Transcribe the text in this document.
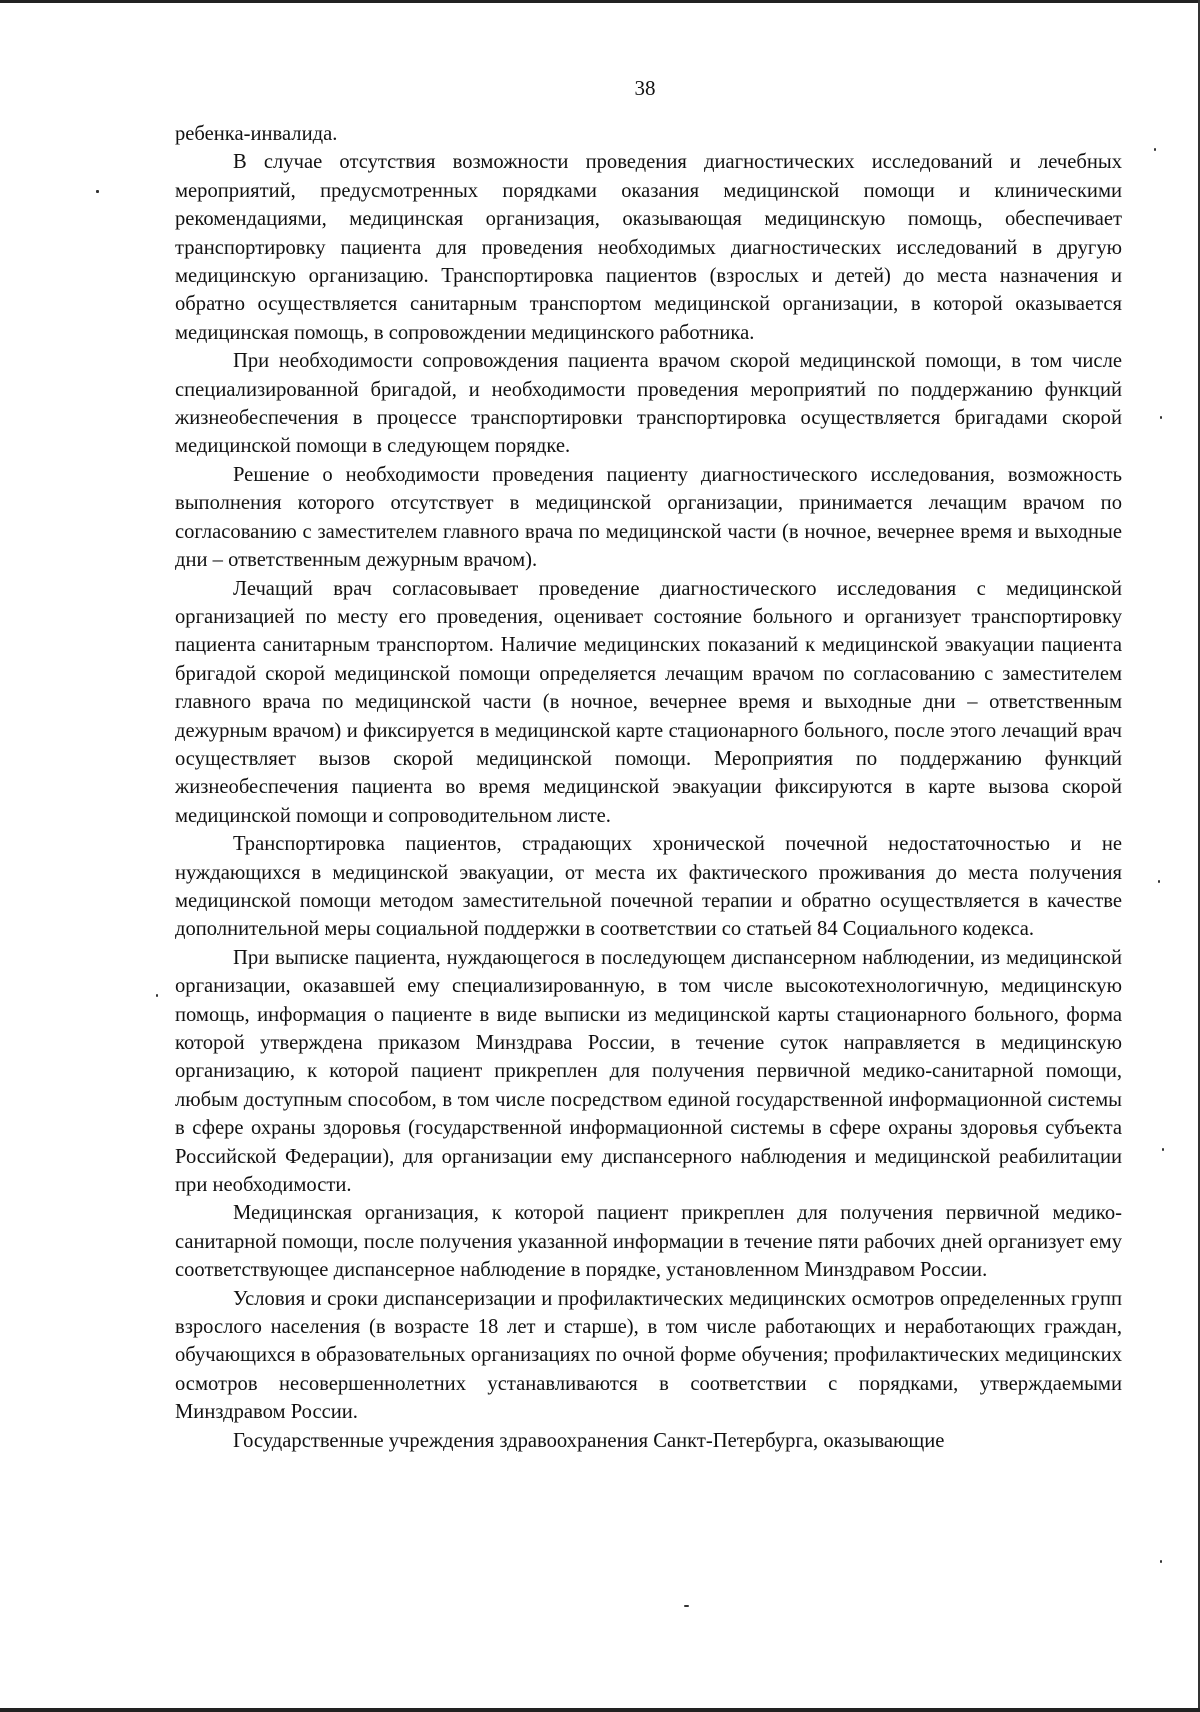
38

ребенка-инвалида.

В случае отсутствия возможности проведения диагностических исследований и лечебных мероприятий, предусмотренных порядками оказания медицинской помощи и клиническими рекомендациями, медицинская организация, оказывающая медицинскую помощь, обеспечивает транспортировку пациента для проведения необходимых диагностических исследований в другую медицинскую организацию. Транспортировка пациентов (взрослых и детей) до места назначения и обратно осуществляется санитарным транспортом медицинской организации, в которой оказывается медицинская помощь, в сопровождении медицинского работника.

При необходимости сопровождения пациента врачом скорой медицинской помощи, в том числе специализированной бригадой, и необходимости проведения мероприятий по поддержанию функций жизнеобеспечения в процессе транспортировки транспортировка осуществляется бригадами скорой медицинской помощи в следующем порядке.

Решение о необходимости проведения пациенту диагностического исследования, возможность выполнения которого отсутствует в медицинской организации, принимается лечащим врачом по согласованию с заместителем главного врача по медицинской части (в ночное, вечернее время и выходные дни – ответственным дежурным врачом).

Лечащий врач согласовывает проведение диагностического исследования с медицинской организацией по месту его проведения, оценивает состояние больного и организует транспортировку пациента санитарным транспортом. Наличие медицинских показаний к медицинской эвакуации пациента бригадой скорой медицинской помощи определяется лечащим врачом по согласованию с заместителем главного врача по медицинской части (в ночное, вечернее время и выходные дни – ответственным дежурным врачом) и фиксируется в медицинской карте стационарного больного, после этого лечащий врач осуществляет вызов скорой медицинской помощи. Мероприятия по поддержанию функций жизнеобеспечения пациента во время медицинской эвакуации фиксируются в карте вызова скорой медицинской помощи и сопроводительном листе.

Транспортировка пациентов, страдающих хронической почечной недостаточностью и не нуждающихся в медицинской эвакуации, от места их фактического проживания до места получения медицинской помощи методом заместительной почечной терапии и обратно осуществляется в качестве дополнительной меры социальной поддержки в соответствии со статьей 84 Социального кодекса.

При выписке пациента, нуждающегося в последующем диспансерном наблюдении, из медицинской организации, оказавшей ему специализированную, в том числе высокотехнологичную, медицинскую помощь, информация о пациенте в виде выписки из медицинской карты стационарного больного, форма которой утверждена приказом Минздрава России, в течение суток направляется в медицинскую организацию, к которой пациент прикреплен для получения первичной медико-санитарной помощи, любым доступным способом, в том числе посредством единой государственной информационной системы в сфере охраны здоровья (государственной информационной системы в сфере охраны здоровья субъекта Российской Федерации), для организации ему диспансерного наблюдения и медицинской реабилитации при необходимости.

Медицинская организация, к которой пациент прикреплен для получения первичной медико-санитарной помощи, после получения указанной информации в течение пяти рабочих дней организует ему соответствующее диспансерное наблюдение в порядке, установленном Минздравом России.

Условия и сроки диспансеризации и профилактических медицинских осмотров определенных групп взрослого населения (в возрасте 18 лет и старше), в том числе работающих и неработающих граждан, обучающихся в образовательных организациях по очной форме обучения; профилактических медицинских осмотров несовершеннолетних устанавливаются в соответствии с порядками, утверждаемыми Минздравом России.

Государственные учреждения здравоохранения Санкт-Петербурга, оказывающие
